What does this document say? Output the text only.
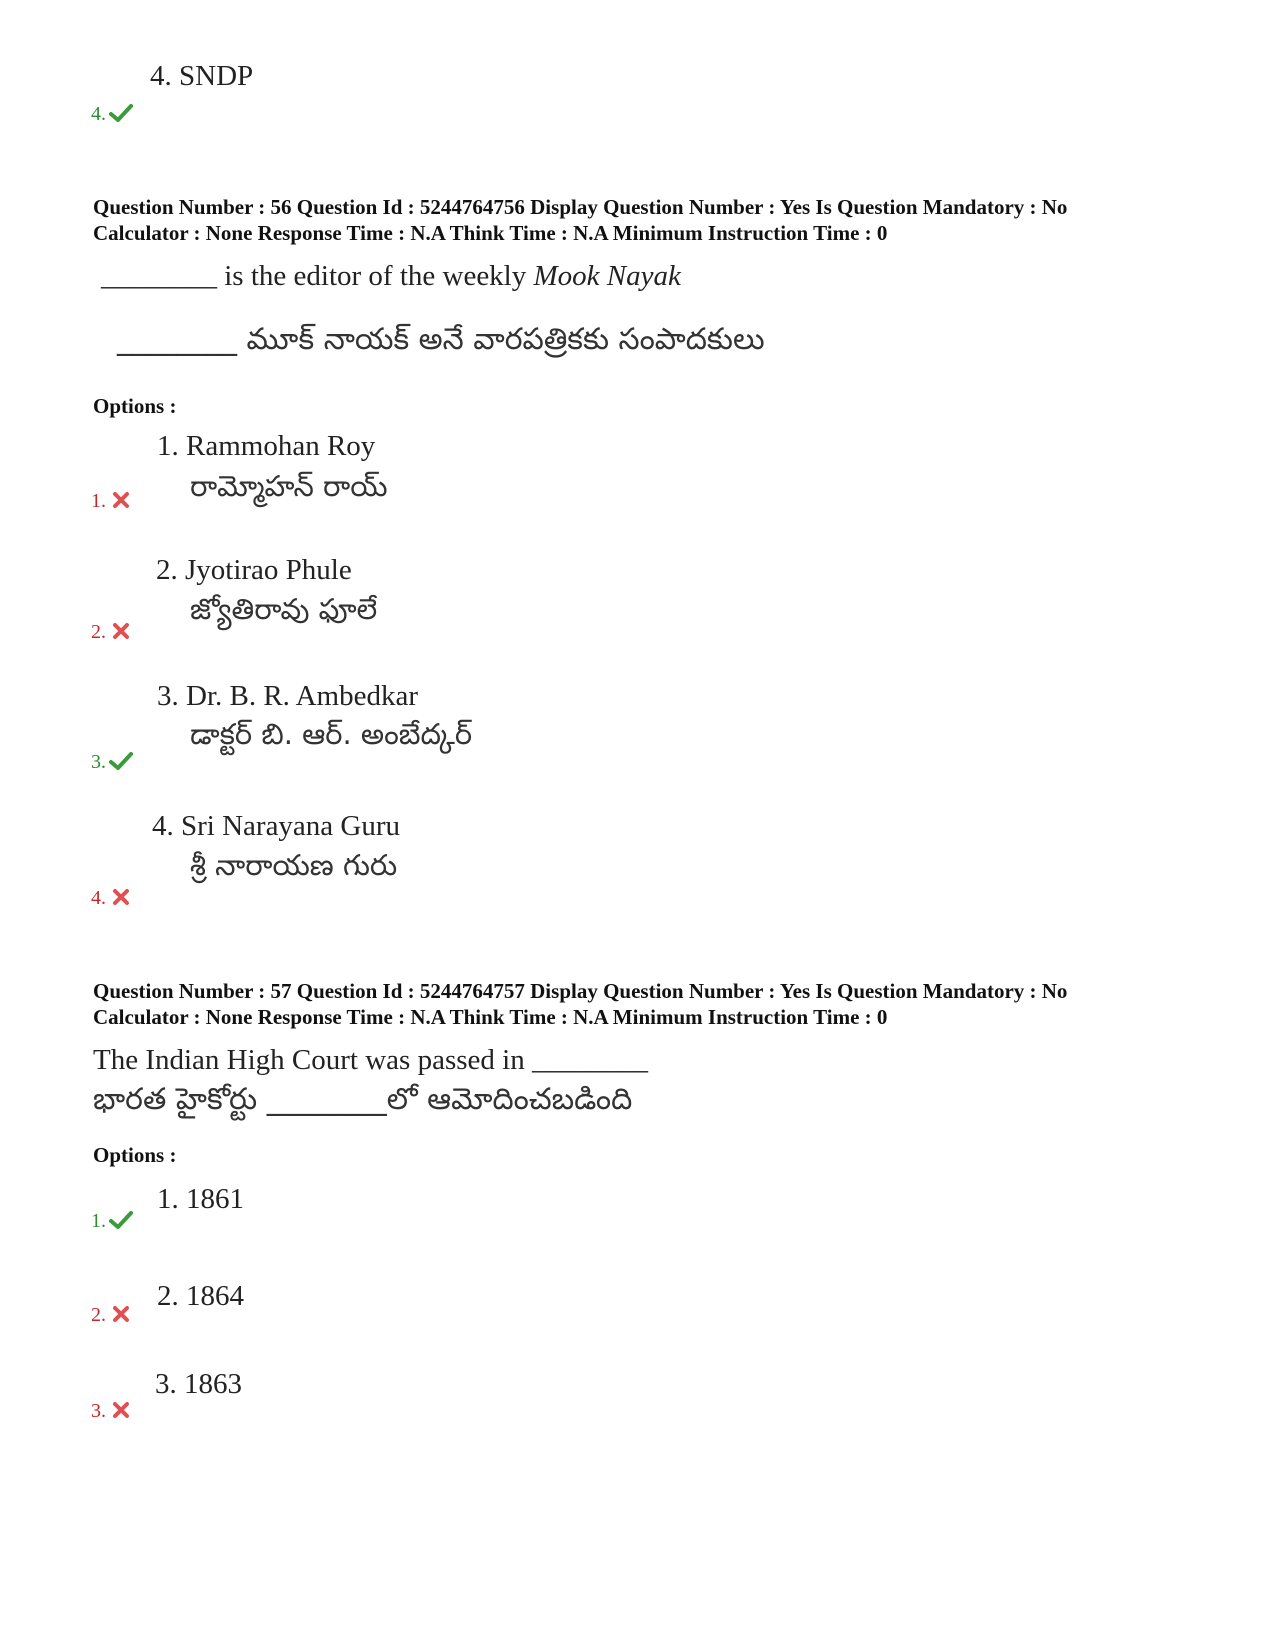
4. SNDP
4.
Question Number : 56 Question Id : 5244764756 Display Question Number : Yes Is Question Mandatory : No
Calculator : None Response Time : N.A Think Time : N.A Minimum Instruction Time : 0
________ is the editor of the weekly Mook Nayak
________ మూక్ నాయక్ అనే వారపత్రికకు సంపాదకులు
Options :
1. Rammohan Roy
రామ్మోహన్ రాయ్
1.
2. Jyotirao Phule
జ్యోతిరావు ఫూలే
2.
3. Dr. B. R. Ambedkar
డాక్టర్ బి. ఆర్. అంబేద్కర్
3.
4. Sri Narayana Guru
శ్రీ నారాయణ గురు
4.
Question Number : 57 Question Id : 5244764757 Display Question Number : Yes Is Question Mandatory : No
Calculator : None Response Time : N.A Think Time : N.A Minimum Instruction Time : 0
The Indian High Court was passed in ________
భారత హైకోర్టు ________లో ఆమోదించబడింది
Options :
1. 1861
1.
2. 1864
2.
3. 1863
3.
